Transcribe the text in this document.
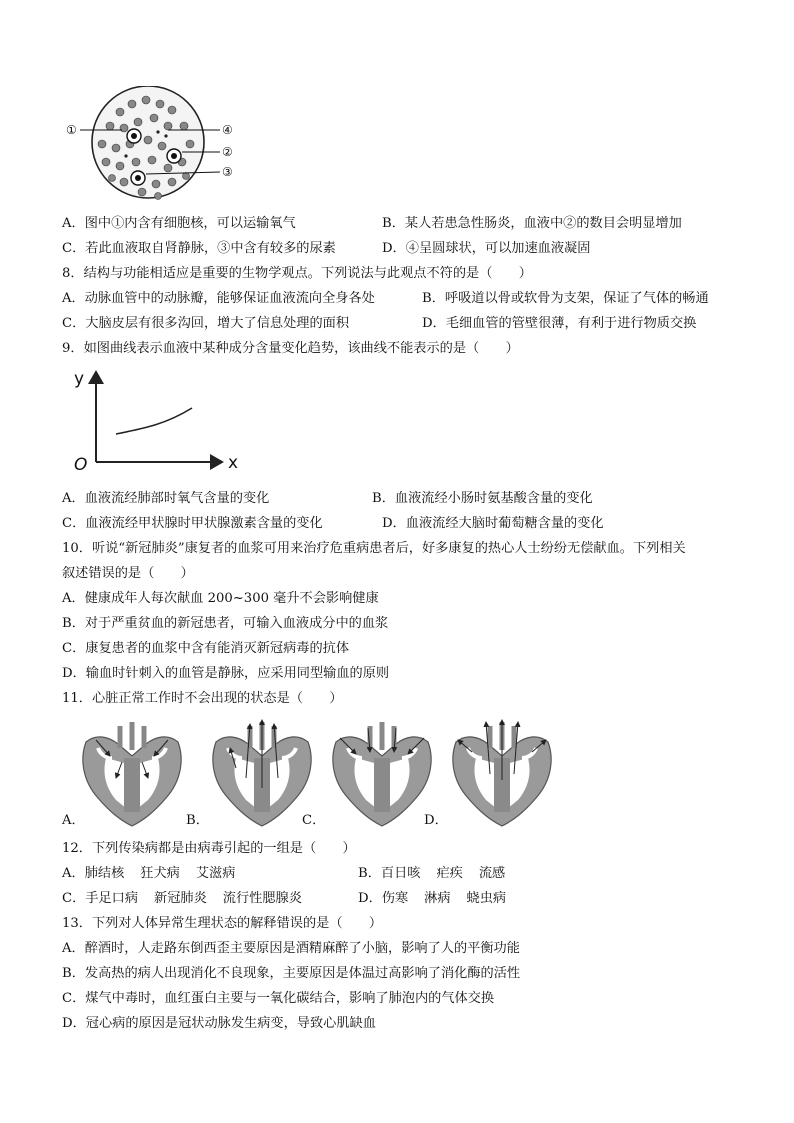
①	④
②
③
A．图中①内含有细胞核，可以运输氧气	B．某人若患急性肠炎，血液中②的数目会明显增加
C．若此血液取自肾静脉，③中含有较多的尿素	D．④呈圆球状，可以加速血液凝固
8．结构与功能相适应是重要的生物学观点。下列说法与此观点不符的是（　　）
A．动脉血管中的动脉瓣，能够保证血液流向全身各处	B．呼吸道以骨或软骨为支架，保证了气体的畅通
C．大脑皮层有很多沟回，增大了信息处理的面积	D．毛细血管的管壁很薄，有利于进行物质交换
9．如图曲线表示血液中某种成分含量变化趋势，该曲线不能表示的是（　　）
y
x
O
A．血液流经肺部时氧气含量的变化	B．血液流经小肠时氨基酸含量的变化
C．血液流经甲状腺时甲状腺激素含量的变化	D．血液流经大脑时葡萄糖含量的变化
10．听说“新冠肺炎”康复者的血浆可用来治疗危重病患者后，好多康复的热心人士纷纷无偿献血。下列相关
叙述错误的是（　　）
A．健康成年人每次献血 200~300 毫升不会影响健康
B．对于严重贫血的新冠患者，可输入血液成分中的血浆
C．康复患者的血浆中含有能消灭新冠病毒的抗体
D．输血时针刺入的血管是静脉，应采用同型输血的原则
11．心脏正常工作时不会出现的状态是（　　）
A．	B．	C．	D．
12．下列传染病都是由病毒引起的一组是（　　）
A．肺结核 狂犬病 艾滋病	B．百日咳 疟疾 流感
C．手足口病 新冠肺炎 流行性腮腺炎	D．伤寒 淋病 蛲虫病
13．下列对人体异常生理状态的解释错误的是（　　）
A．醉酒时，人走路东倒西歪主要原因是酒精麻醉了小脑，影响了人的平衡功能
B．发高热的病人出现消化不良现象，主要原因是体温过高影响了消化酶的活性
C．煤气中毒时，血红蛋白主要与一氧化碳结合，影响了肺泡内的气体交换
D．冠心病的原因是冠状动脉发生病变，导致心肌缺血
